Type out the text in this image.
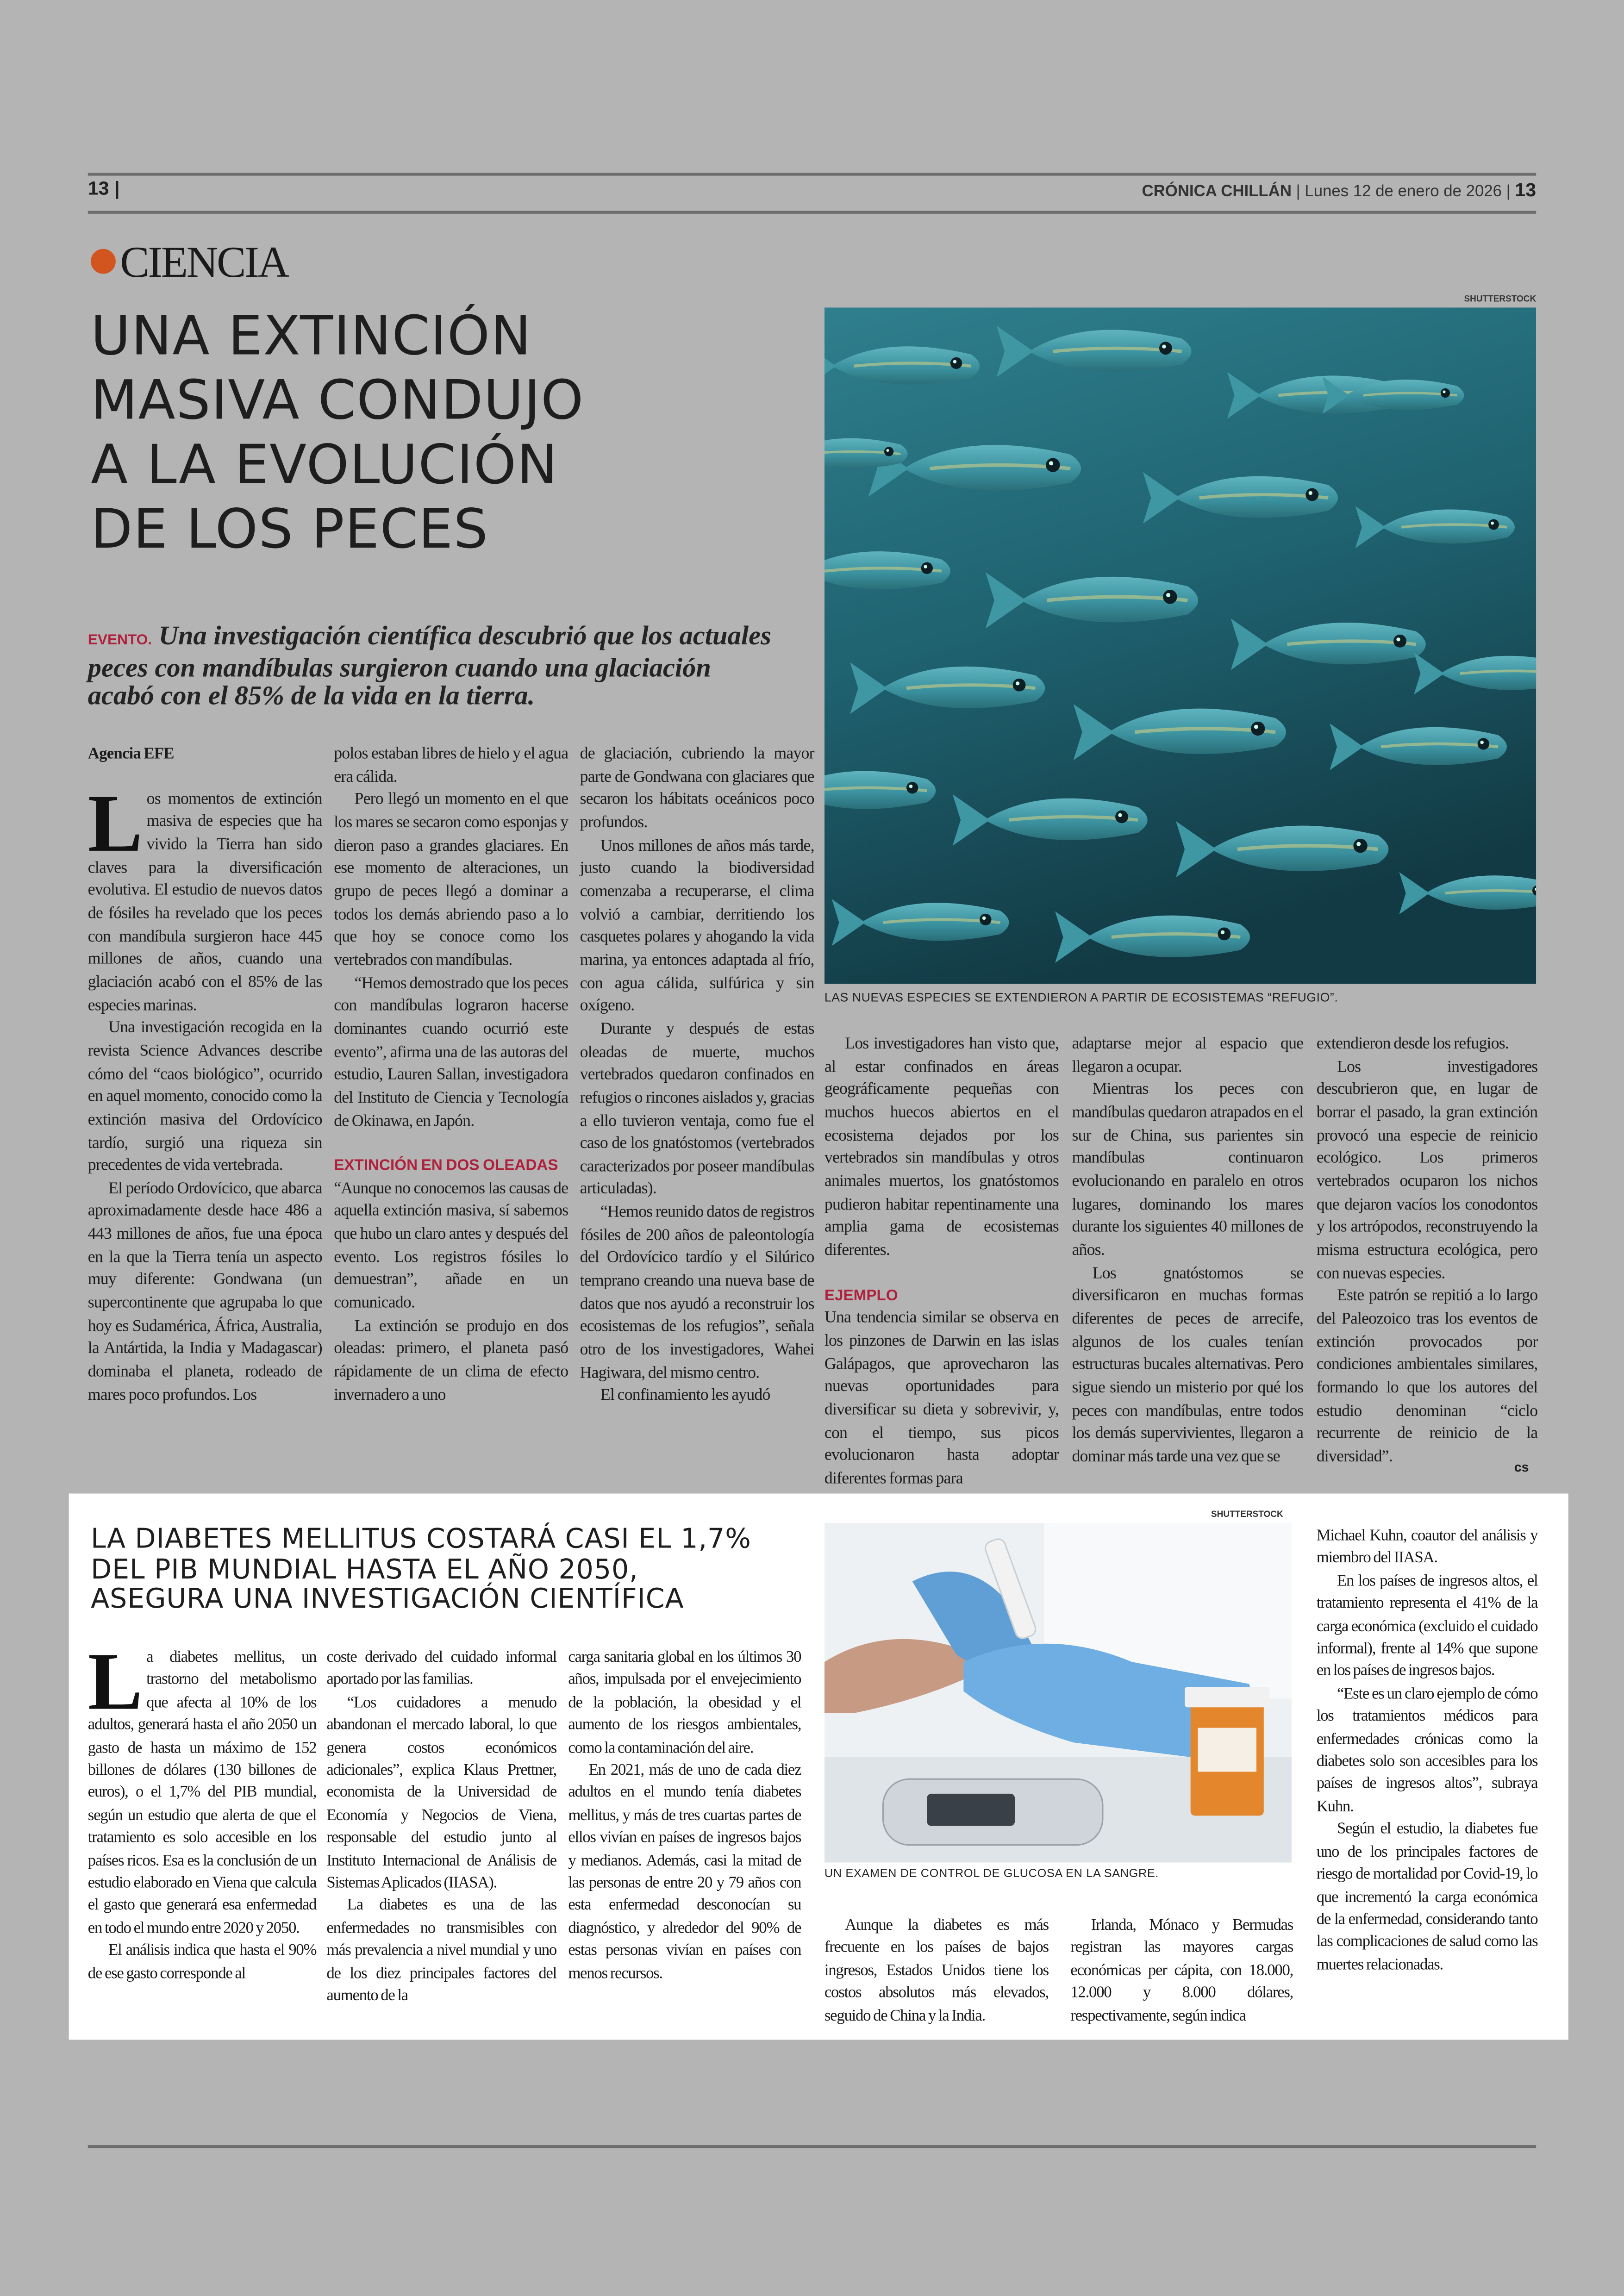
13 |	CRÓNICA CHILLÁN | Lunes 12 de enero de 2026 | 13
CIENCIA
UNA EXTINCIÓN
MASIVA CONDUJO
A LA EVOLUCIÓN
DE LOS PECES
EVENTO. Una investigación científica descubrió que los actuales peces con mandíbulas surgieron cuando una glaciación acabó con el 85% de la vida en la tierra.
SHUTTERSTOCK
LAS NUEVAS ESPECIES SE EXTENDIERON A PARTIR DE ECOSISTEMAS “REFUGIO”.

Agencia EFE

Los momentos de extinción masiva de especies que ha vivido la Tierra han sido claves para la diversificación evolutiva. El estudio de nuevos datos de fósiles ha revelado que los peces con mandíbula surgieron hace 445 millones de años, cuando una glaciación acabó con el 85% de las especies marinas.

Una investigación recogida en la revista Science Advances describe cómo del “caos biológico”, ocurrido en aquel momento, conocido como la extinción masiva del Ordovícico tardío, surgió una riqueza sin precedentes de vida vertebrada.

El período Ordovícico, que abarca aproximadamente desde hace 486 a 443 millones de años, fue una época en la que la Tierra tenía un aspecto muy diferente: Gondwana (un supercontinente que agrupaba lo que hoy es Sudamérica, África, Australia, la Antártida, la India y Madagascar) dominaba el planeta, rodeado de mares poco profundos. Los

polos estaban libres de hielo y el agua era cálida.

Pero llegó un momento en el que los mares se secaron como esponjas y dieron paso a grandes glaciares. En ese momento de alteraciones, un grupo de peces llegó a dominar a todos los demás abriendo paso a lo que hoy se conoce como los vertebrados con mandíbulas.

“Hemos demostrado que los peces con mandíbulas lograron hacerse dominantes cuando ocurrió este evento”, afirma una de las autoras del estudio, Lauren Sallan, investigadora del Instituto de Ciencia y Tecnología de Okinawa, en Japón.

EXTINCIÓN EN DOS OLEADAS

“Aunque no conocemos las causas de aquella extinción masiva, sí sabemos que hubo un claro antes y después del evento. Los registros fósiles lo demuestran”, añade en un comunicado.

La extinción se produjo en dos oleadas: primero, el planeta pasó rápidamente de un clima de efecto invernadero a uno

de glaciación, cubriendo la mayor parte de Gondwana con glaciares que secaron los hábitats oceánicos poco profundos.

Unos millones de años más tarde, justo cuando la biodiversidad comenzaba a recuperarse, el clima volvió a cambiar, derritiendo los casquetes polares y ahogando la vida marina, ya entonces adaptada al frío, con agua cálida, sulfúrica y sin oxígeno.

Durante y después de estas oleadas de muerte, muchos vertebrados quedaron confinados en refugios o rincones aislados y, gracias a ello tuvieron ventaja, como fue el caso de los gnatóstomos (vertebrados caracterizados por poseer mandíbulas articuladas).

“Hemos reunido datos de registros fósiles de 200 años de paleontología del Ordovícico tardío y el Silúrico temprano creando una nueva base de datos que nos ayudó a reconstruir los ecosistemas de los refugios”, señala otro de los investigadores, Wahei Hagiwara, del mismo centro.

El confinamiento les ayudó

Los investigadores han visto que, al estar confinados en áreas geográficamente pequeñas con muchos huecos abiertos en el ecosistema dejados por los vertebrados sin mandíbulas y otros animales muertos, los gnatóstomos pudieron habitar repentinamente una amplia gama de ecosistemas diferentes.

EJEMPLO

Una tendencia similar se observa en los pinzones de Darwin en las islas Galápagos, que aprovecharon las nuevas oportunidades para diversificar su dieta y sobrevivir, y, con el tiempo, sus picos evolucionaron hasta adoptar diferentes formas para

adaptarse mejor al espacio que llegaron a ocupar.

Mientras los peces con mandíbulas quedaron atrapados en el sur de China, sus parientes sin mandíbulas continuaron evolucionando en paralelo en otros lugares, dominando los mares durante los siguientes 40 millones de años.

Los gnatóstomos se diversificaron en muchas formas diferentes de peces de arrecife, algunos de los cuales tenían estructuras bucales alternativas. Pero sigue siendo un misterio por qué los peces con mandíbulas, entre todos los demás supervivientes, llegaron a dominar más tarde una vez que se

extendieron desde los refugios.

Los investigadores descubrieron que, en lugar de borrar el pasado, la gran extinción provocó una especie de reinicio ecológico. Los primeros vertebrados ocuparon los nichos que dejaron vacíos los conodontos y los artrópodos, reconstruyendo la misma estructura ecológica, pero con nuevas especies.

Este patrón se repitió a lo largo del Paleozoico tras los eventos de extinción provocados por condiciones ambientales similares, formando lo que los autores del estudio denominan “ciclo recurrente de reinicio de la diversidad”.

cs
LA DIABETES MELLITUS COSTARÁ CASI EL 1,7%
DEL PIB MUNDIAL HASTA EL AÑO 2050,
ASEGURA UNA INVESTIGACIÓN CIENTÍFICA
SHUTTERSTOCK
UN EXAMEN DE CONTROL DE GLUCOSA EN LA SANGRE.

La diabetes mellitus, un trastorno del metabolismo que afecta al 10% de los adultos, generará hasta el año 2050 un gasto de hasta un máximo de 152 billones de dólares (130 billones de euros), o el 1,7% del PIB mundial, según un estudio que alerta de que el tratamiento es solo accesible en los países ricos. Esa es la conclusión de un estudio elaborado en Viena que calcula el gasto que generará esa enfermedad en todo el mundo entre 2020 y 2050.

El análisis indica que hasta el 90% de ese gasto corresponde al

coste derivado del cuidado informal aportado por las familias.

“Los cuidadores a menudo abandonan el mercado laboral, lo que genera costos económicos adicionales”, explica Klaus Prettner, economista de la Universidad de Economía y Negocios de Viena, responsable del estudio junto al Instituto Internacional de Análisis de Sistemas Aplicados (IIASA).

La diabetes es una de las enfermedades no transmisibles con más prevalencia a nivel mundial y uno de los diez principales factores del aumento de la

carga sanitaria global en los últimos 30 años, impulsada por el envejecimiento de la población, la obesidad y el aumento de los riesgos ambientales, como la contaminación del aire.

En 2021, más de uno de cada diez adultos en el mundo tenía diabetes mellitus, y más de tres cuartas partes de ellos vivían en países de ingresos bajos y medianos. Además, casi la mitad de las personas de entre 20 y 79 años con esta enfermedad desconocían su diagnóstico, y alrededor del 90% de estas personas vivían en países con menos recursos.

Aunque la diabetes es más frecuente en los países de bajos ingresos, Estados Unidos tiene los costos absolutos más elevados, seguido de China y la India.

Irlanda, Mónaco y Bermudas registran las mayores cargas económicas per cápita, con 18.000, 12.000 y 8.000 dólares, respectivamente, según indica

Michael Kuhn, coautor del análisis y miembro del IIASA.

En los países de ingresos altos, el tratamiento representa el 41% de la carga económica (excluido el cuidado informal), frente al 14% que supone en los países de ingresos bajos.

“Este es un claro ejemplo de cómo los tratamientos médicos para enfermedades crónicas como la diabetes solo son accesibles para los países de ingresos altos”, subraya Kuhn.

Según el estudio, la diabetes fue uno de los principales factores de riesgo de mortalidad por Covid-19, lo que incrementó la carga económica de la enfermedad, considerando tanto las complicaciones de salud como las muertes relacionadas.
